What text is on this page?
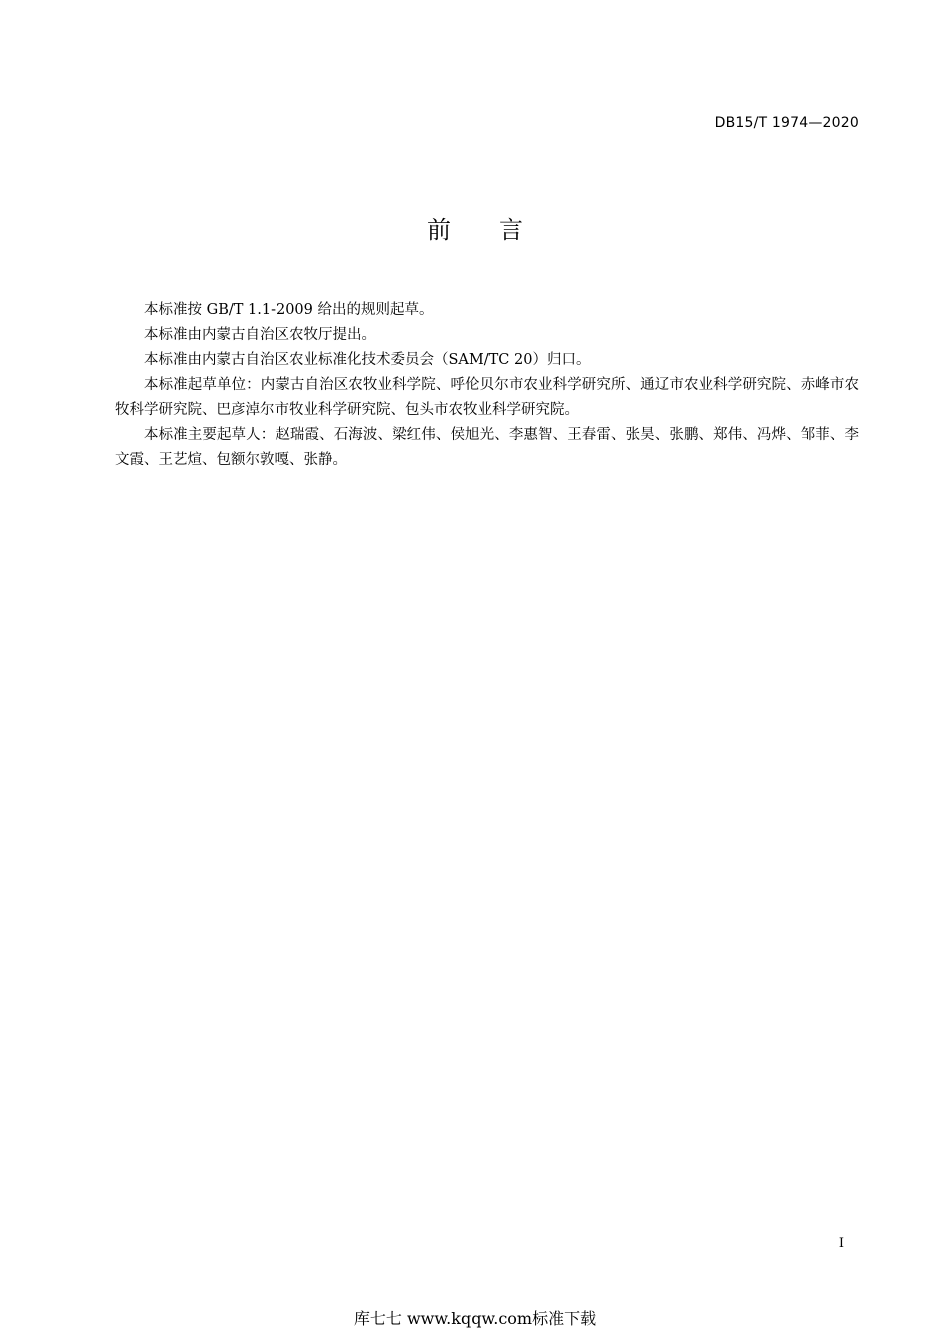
DB15/T 1974—2020
前言

本标准按 GB/T 1.1-2009 给出的规则起草。

本标准由内蒙古自治区农牧厅提出。

本标准由内蒙古自治区农业标准化技术委员会（SAM/TC 20）归口。

本标准起草单位：内蒙古自治区农牧业科学院、呼伦贝尔市农业科学研究所、通辽市农业科学研究院、赤峰市农牧科学研究院、巴彦淖尔市牧业科学研究院、包头市农牧业科学研究院。

本标准主要起草人：赵瑞霞、石海波、梁红伟、侯旭光、李惠智、王春雷、张昊、张鹏、郑伟、冯烨、邹菲、李文霞、王艺煊、包额尔敦嘎、张静。

I
库七七 www.kqqw.com标准下载
